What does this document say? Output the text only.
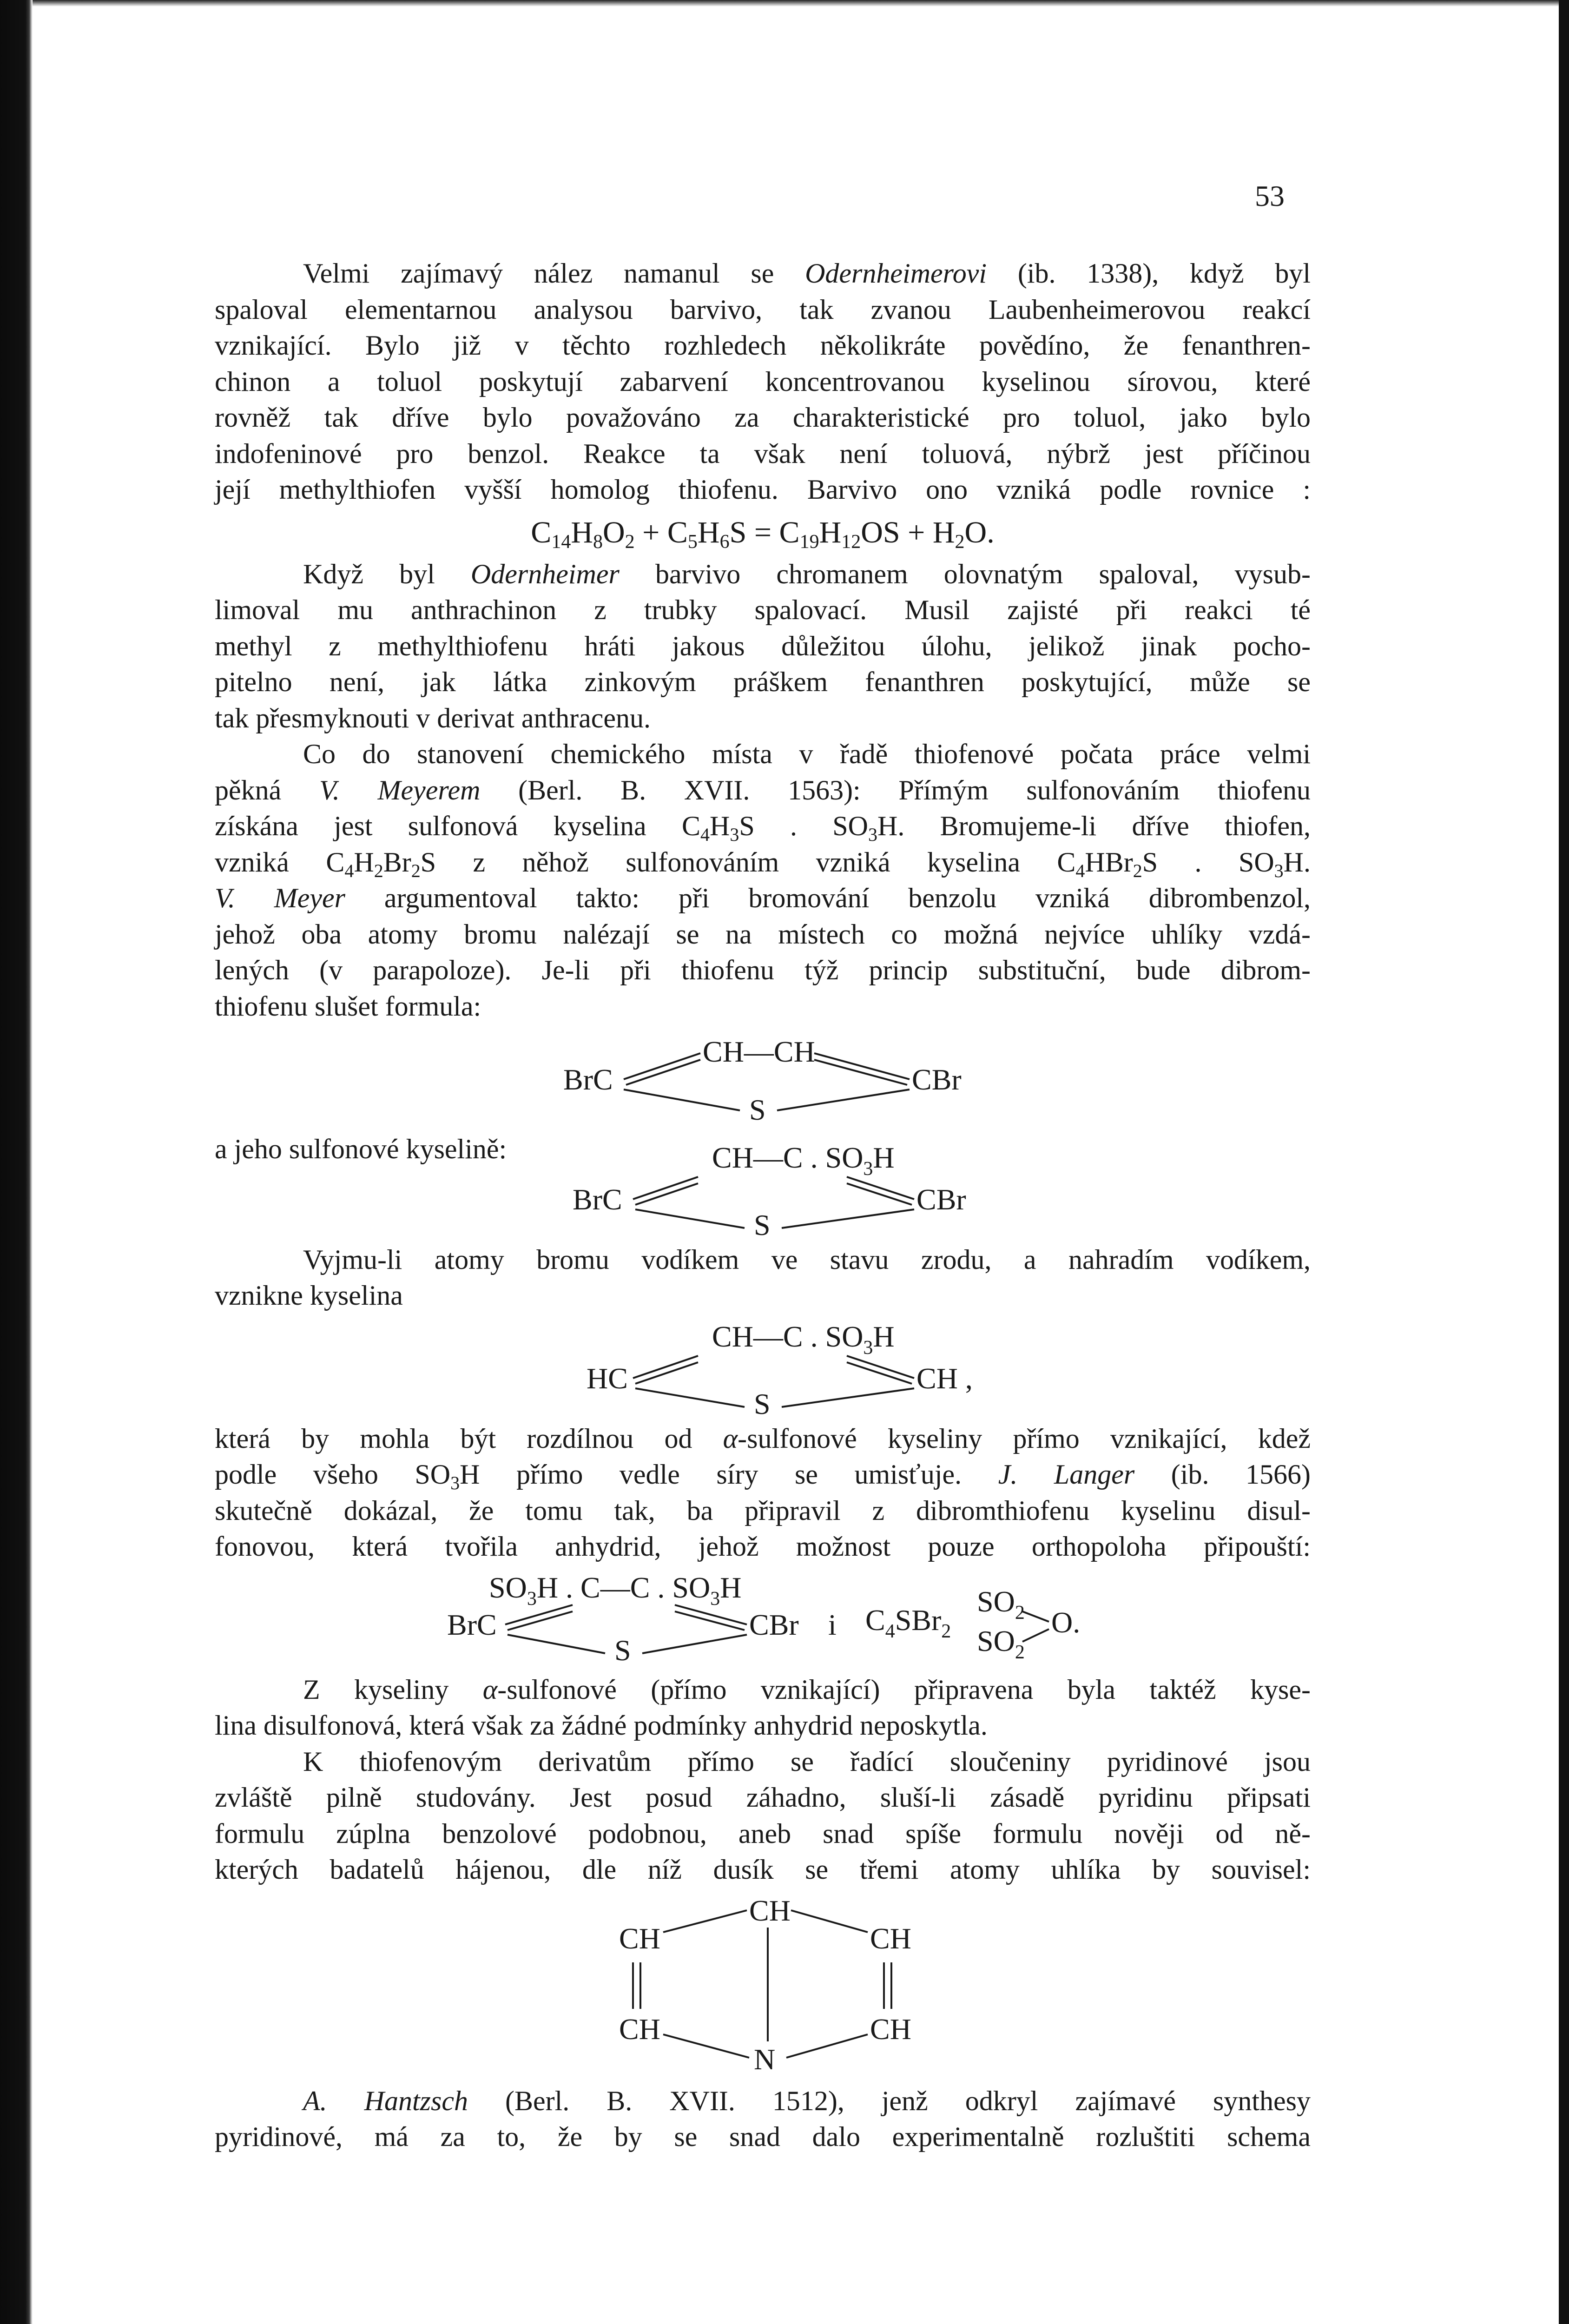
53
Velmi zajímavý nález namanul se Odernheimerovi (ib. 1338), když byl
spaloval elementarnou analysou barvivo, tak zvanou Laubenheimerovou reakcí
vznikající. Bylo již v těchto rozhledech několikráte povědíno, že fenanthren-
chinon a toluol poskytují zabarvení koncentrovanou kyselinou sírovou, které
rovněž tak dříve bylo považováno za charakteristické pro toluol, jako bylo
indofeninové pro benzol. Reakce ta však není toluová, nýbrž jest příčinou
její methylthiofen vyšší homolog thiofenu. Barvivo ono vzniká podle rovnice :
$C_{14}H_8O_2 + C_5H_6S = C_{19}H_{12}OS + H_2O$.
Když byl Odernheimer barvivo chromanem olovnatým spaloval, vysub-
limoval mu anthrachinon z trubky spalovací. Musil zajisté při reakci té
methyl z methylthiofenu hráti jakous důležitou úlohu, jelikož jinak pocho-
pitelno není, jak látka zinkovým práškem fenanthren poskytující, může se
tak přesmyknouti v derivat anthracenu.
Co do stanovení chemického místa v řadě thiofenové počata práce velmi
pěkná V. Meyerem (Berl. B. XVII. 1563): Přímým sulfonováním thiofenu
získána jest sulfonová kyselina $C_4H_3S$ . $SO_3H$. Bromujeme-li dříve thiofen,
vzniká $C_4H_2Br_2S$ z něhož sulfonováním vzniká kyselina $C_4HBr_2S$ . $SO_3H$.
V. Meyer argumentoval takto: při bromování benzolu vzniká dibrombenzol,
jehož oba atomy bromu nalézají se na místech co možná nejvíce uhlíky vzdá-
lených (v parapoloze). Je-li při thiofenu týž princip substituční, bude dibrom-
thiofenu slušet formula:
BrC
CH—CH
S
CBr
a jeho sulfonové kyselině:	CH—C . $SO_3H$
BrC
S
CBr
Vyjmu-li atomy bromu vodíkem ve stavu zrodu, a nahradím vodíkem,
vznikne kyselina
CH—C . $SO_3H$
HC
S
CH ,
která by mohla být rozdílnou od α-sulfonové kyseliny přímo vznikající, kdež
podle všeho $SO_3H$ přímo vedle síry se umisťuje. J. Langer (ib. 1566)
skutečně dokázal, že tomu tak, ba připravil z dibromthiofenu kyselinu disul-
fonovou, která tvořila anhydrid, jehož možnost pouze orthopoloha připouští:
$SO_3H$ . C—C . $SO_3H$
BrC
S
CBr i $C_4SBr_2$
$SO_2$
$SO_2$
O.
Z kyseliny α-sulfonové (přímo vznikající) připravena byla taktéž kyse-
lina disulfonová, která však za žádné podmínky anhydrid neposkytla.
K thiofenovým derivatům přímo se řadící sloučeniny pyridinové jsou
zvláště pilně studovány. Jest posud záhadno, sluší-li zásadě pyridinu připsati
formulu zúplna benzolové podobnou, aneb snad spíše formulu nověji od ně-
kterých badatelů hájenou, dle níž dusík se třemi atomy uhlíka by souvisel:
CH
CH	CH
CH	CH
N
A. Hantzsch (Berl. B. XVII. 1512), jenž odkryl zajímavé synthesy
pyridinové, má za to, že by se snad dalo experimentalně rozluštiti schema
